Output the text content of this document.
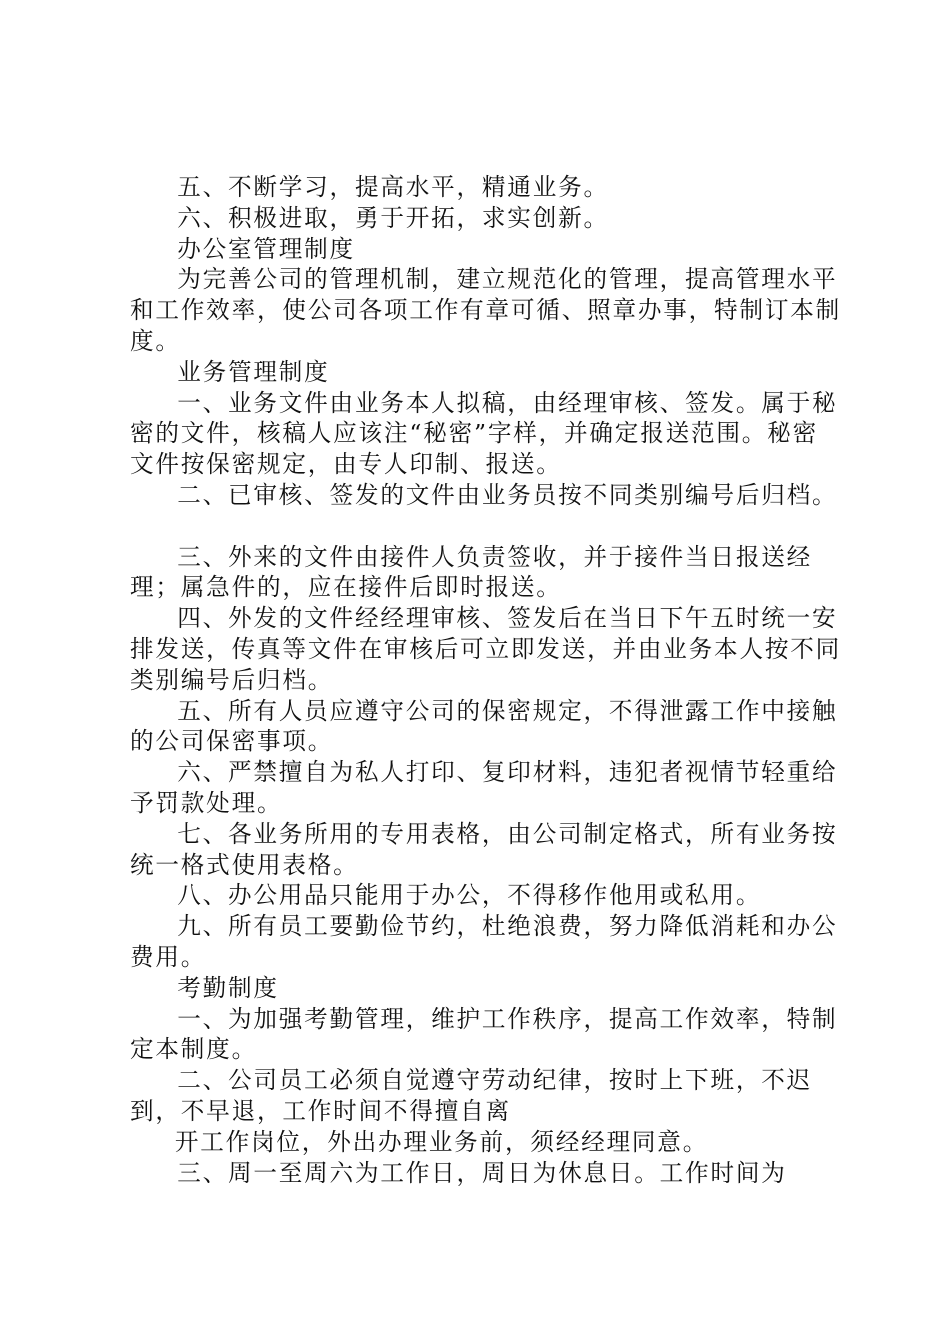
五、不断学习，提高水平，精通业务。

六、积极进取，勇于开拓，求实创新。

办公室管理制度

为完善公司的管理机制，建立规范化的管理，提高管理水平和工作效率，使公司各项工作有章可循、照章办事，特制订本制度。

业务管理制度

一、业务文件由业务本人拟稿，由经理审核、签发。属于秘密的文件，核稿人应该注“秘密”字样，并确定报送范围。秘密文件按保密规定，由专人印制、报送。

二、已审核、签发的文件由业务员按不同类别编号后归档。

三、外来的文件由接件人负责签收，并于接件当日报送经理；属急件的，应在接件后即时报送。

四、外发的文件经经理审核、签发后在当日下午五时统一安排发送，传真等文件在审核后可立即发送，并由业务本人按不同类别编号后归档。

五、所有人员应遵守公司的保密规定，不得泄露工作中接触的公司保密事项。

六、严禁擅自为私人打印、复印材料，违犯者视情节轻重给予罚款处理。

七、各业务所用的专用表格，由公司制定格式，所有业务按统一格式使用表格。

八、办公用品只能用于办公，不得移作他用或私用。

九、所有员工要勤俭节约，杜绝浪费，努力降低消耗和办公费用。

考勤制度

一、为加强考勤管理，维护工作秩序，提高工作效率，特制定本制度。

二、公司员工必须自觉遵守劳动纪律，按时上下班，不迟到，不早退，工作时间不得擅自离

开工作岗位，外出办理业务前，须经经理同意。

三、周一至周六为工作日，周日为休息日。工作时间为
